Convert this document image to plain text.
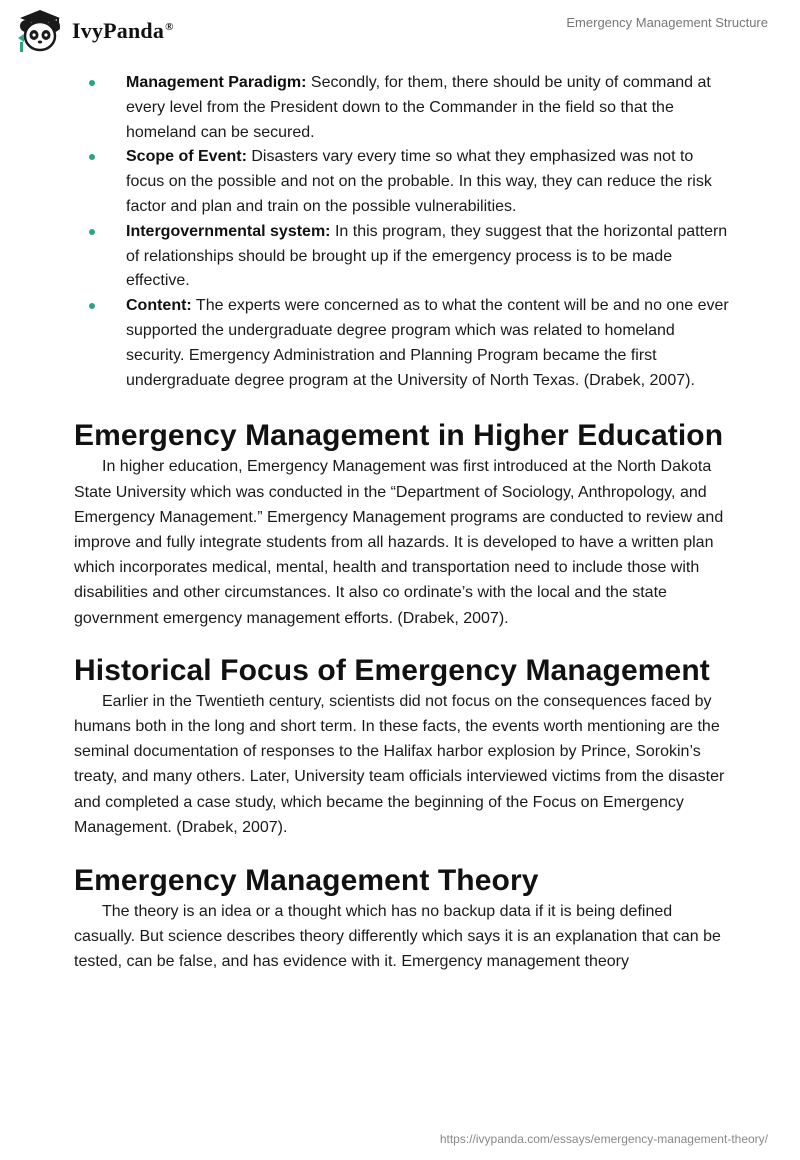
IvyPanda®	Emergency Management Structure
Management Paradigm: Secondly, for them, there should be unity of command at every level from the President down to the Commander in the field so that the homeland can be secured.
Scope of Event: Disasters vary every time so what they emphasized was not to focus on the possible and not on the probable. In this way, they can reduce the risk factor and plan and train on the possible vulnerabilities.
Intergovernmental system: In this program, they suggest that the horizontal pattern of relationships should be brought up if the emergency process is to be made effective.
Content: The experts were concerned as to what the content will be and no one ever supported the undergraduate degree program which was related to homeland security. Emergency Administration and Planning Program became the first undergraduate degree program at the University of North Texas. (Drabek, 2007).
Emergency Management in Higher Education

In higher education, Emergency Management was first introduced at the North Dakota State University which was conducted in the “Department of Sociology, Anthropology, and Emergency Management.” Emergency Management programs are conducted to review and improve and fully integrate students from all hazards. It is developed to have a written plan which incorporates medical, mental, health and transportation need to include those with disabilities and other circumstances. It also co ordinate’s with the local and the state government emergency management efforts. (Drabek, 2007).

Historical Focus of Emergency Management

Earlier in the Twentieth century, scientists did not focus on the consequences faced by humans both in the long and short term. In these facts, the events worth mentioning are the seminal documentation of responses to the Halifax harbor explosion by Prince, Sorokin’s treaty, and many others. Later, University team officials interviewed victims from the disaster and completed a case study, which became the beginning of the Focus on Emergency Management. (Drabek, 2007).

Emergency Management Theory

The theory is an idea or a thought which has no backup data if it is being defined casually. But science describes theory differently which says it is an explanation that can be tested, can be false, and has evidence with it. Emergency management theory

https://ivypanda.com/essays/emergency-management-theory/
